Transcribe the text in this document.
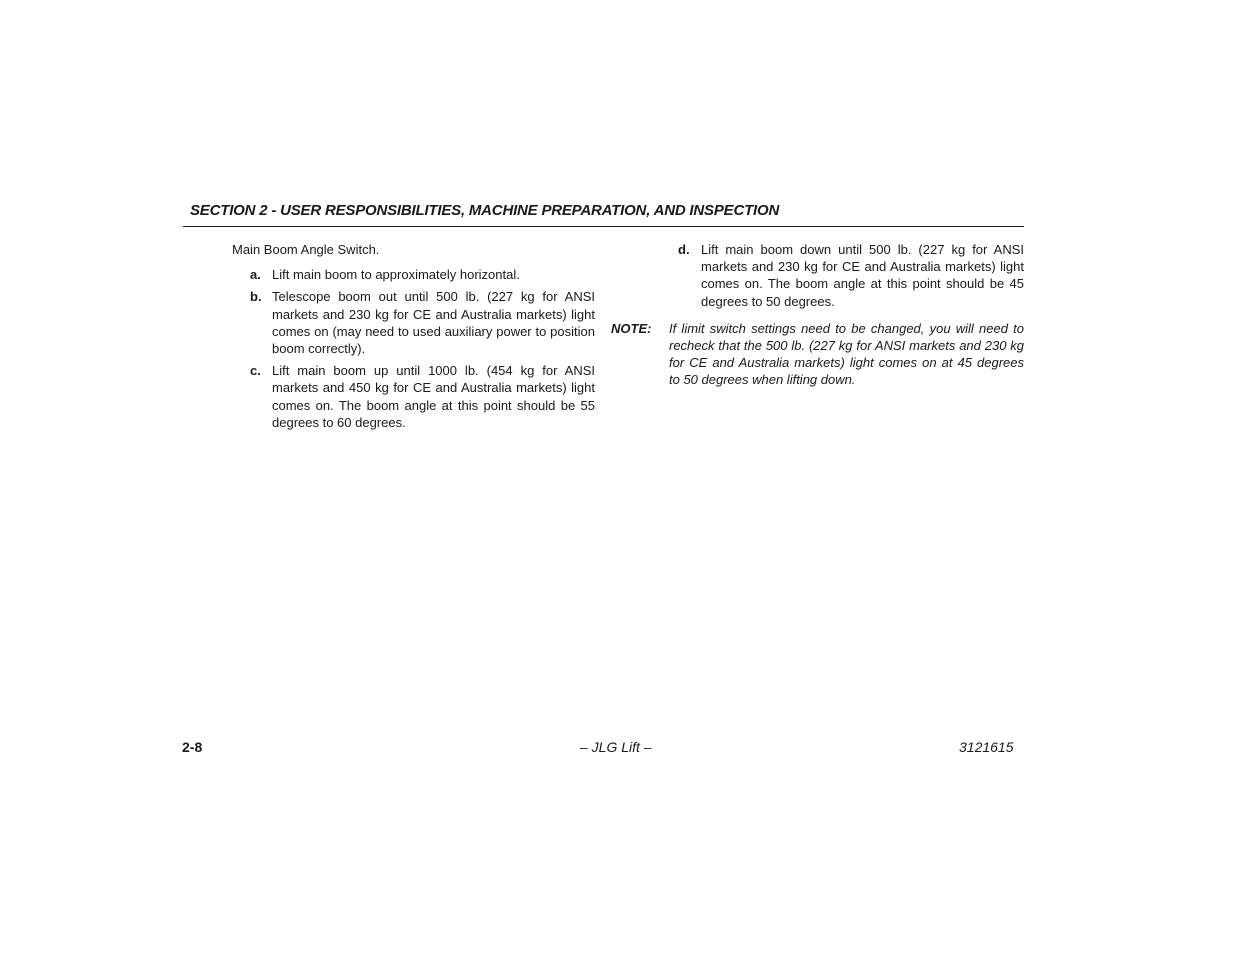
SECTION 2 - USER RESPONSIBILITIES, MACHINE PREPARATION, AND INSPECTION

Main Boom Angle Switch.

a. Lift main boom to approximately horizontal.
b. Telescope boom out until 500 lb. (227 kg for ANSI markets and 230 kg for CE and Australia markets) light comes on (may need to used auxiliary power to position boom correctly).
c. Lift main boom up until 1000 lb. (454 kg for ANSI markets and 450 kg for CE and Australia markets) light comes on. The boom angle at this point should be 55 degrees to 60 degrees.
d. Lift main boom down until 500 lb. (227 kg for ANSI markets and 230 kg for CE and Australia markets) light comes on. The boom angle at this point should be 45 degrees to 50 degrees.
NOTE:	If limit switch settings need to be changed, you will need to recheck that the 500 lb. (227 kg for ANSI markets and 230 kg for CE and Australia markets) light comes on at 45 degrees to 50 degrees when lifting down.
2-8	– JLG Lift –	3121615
